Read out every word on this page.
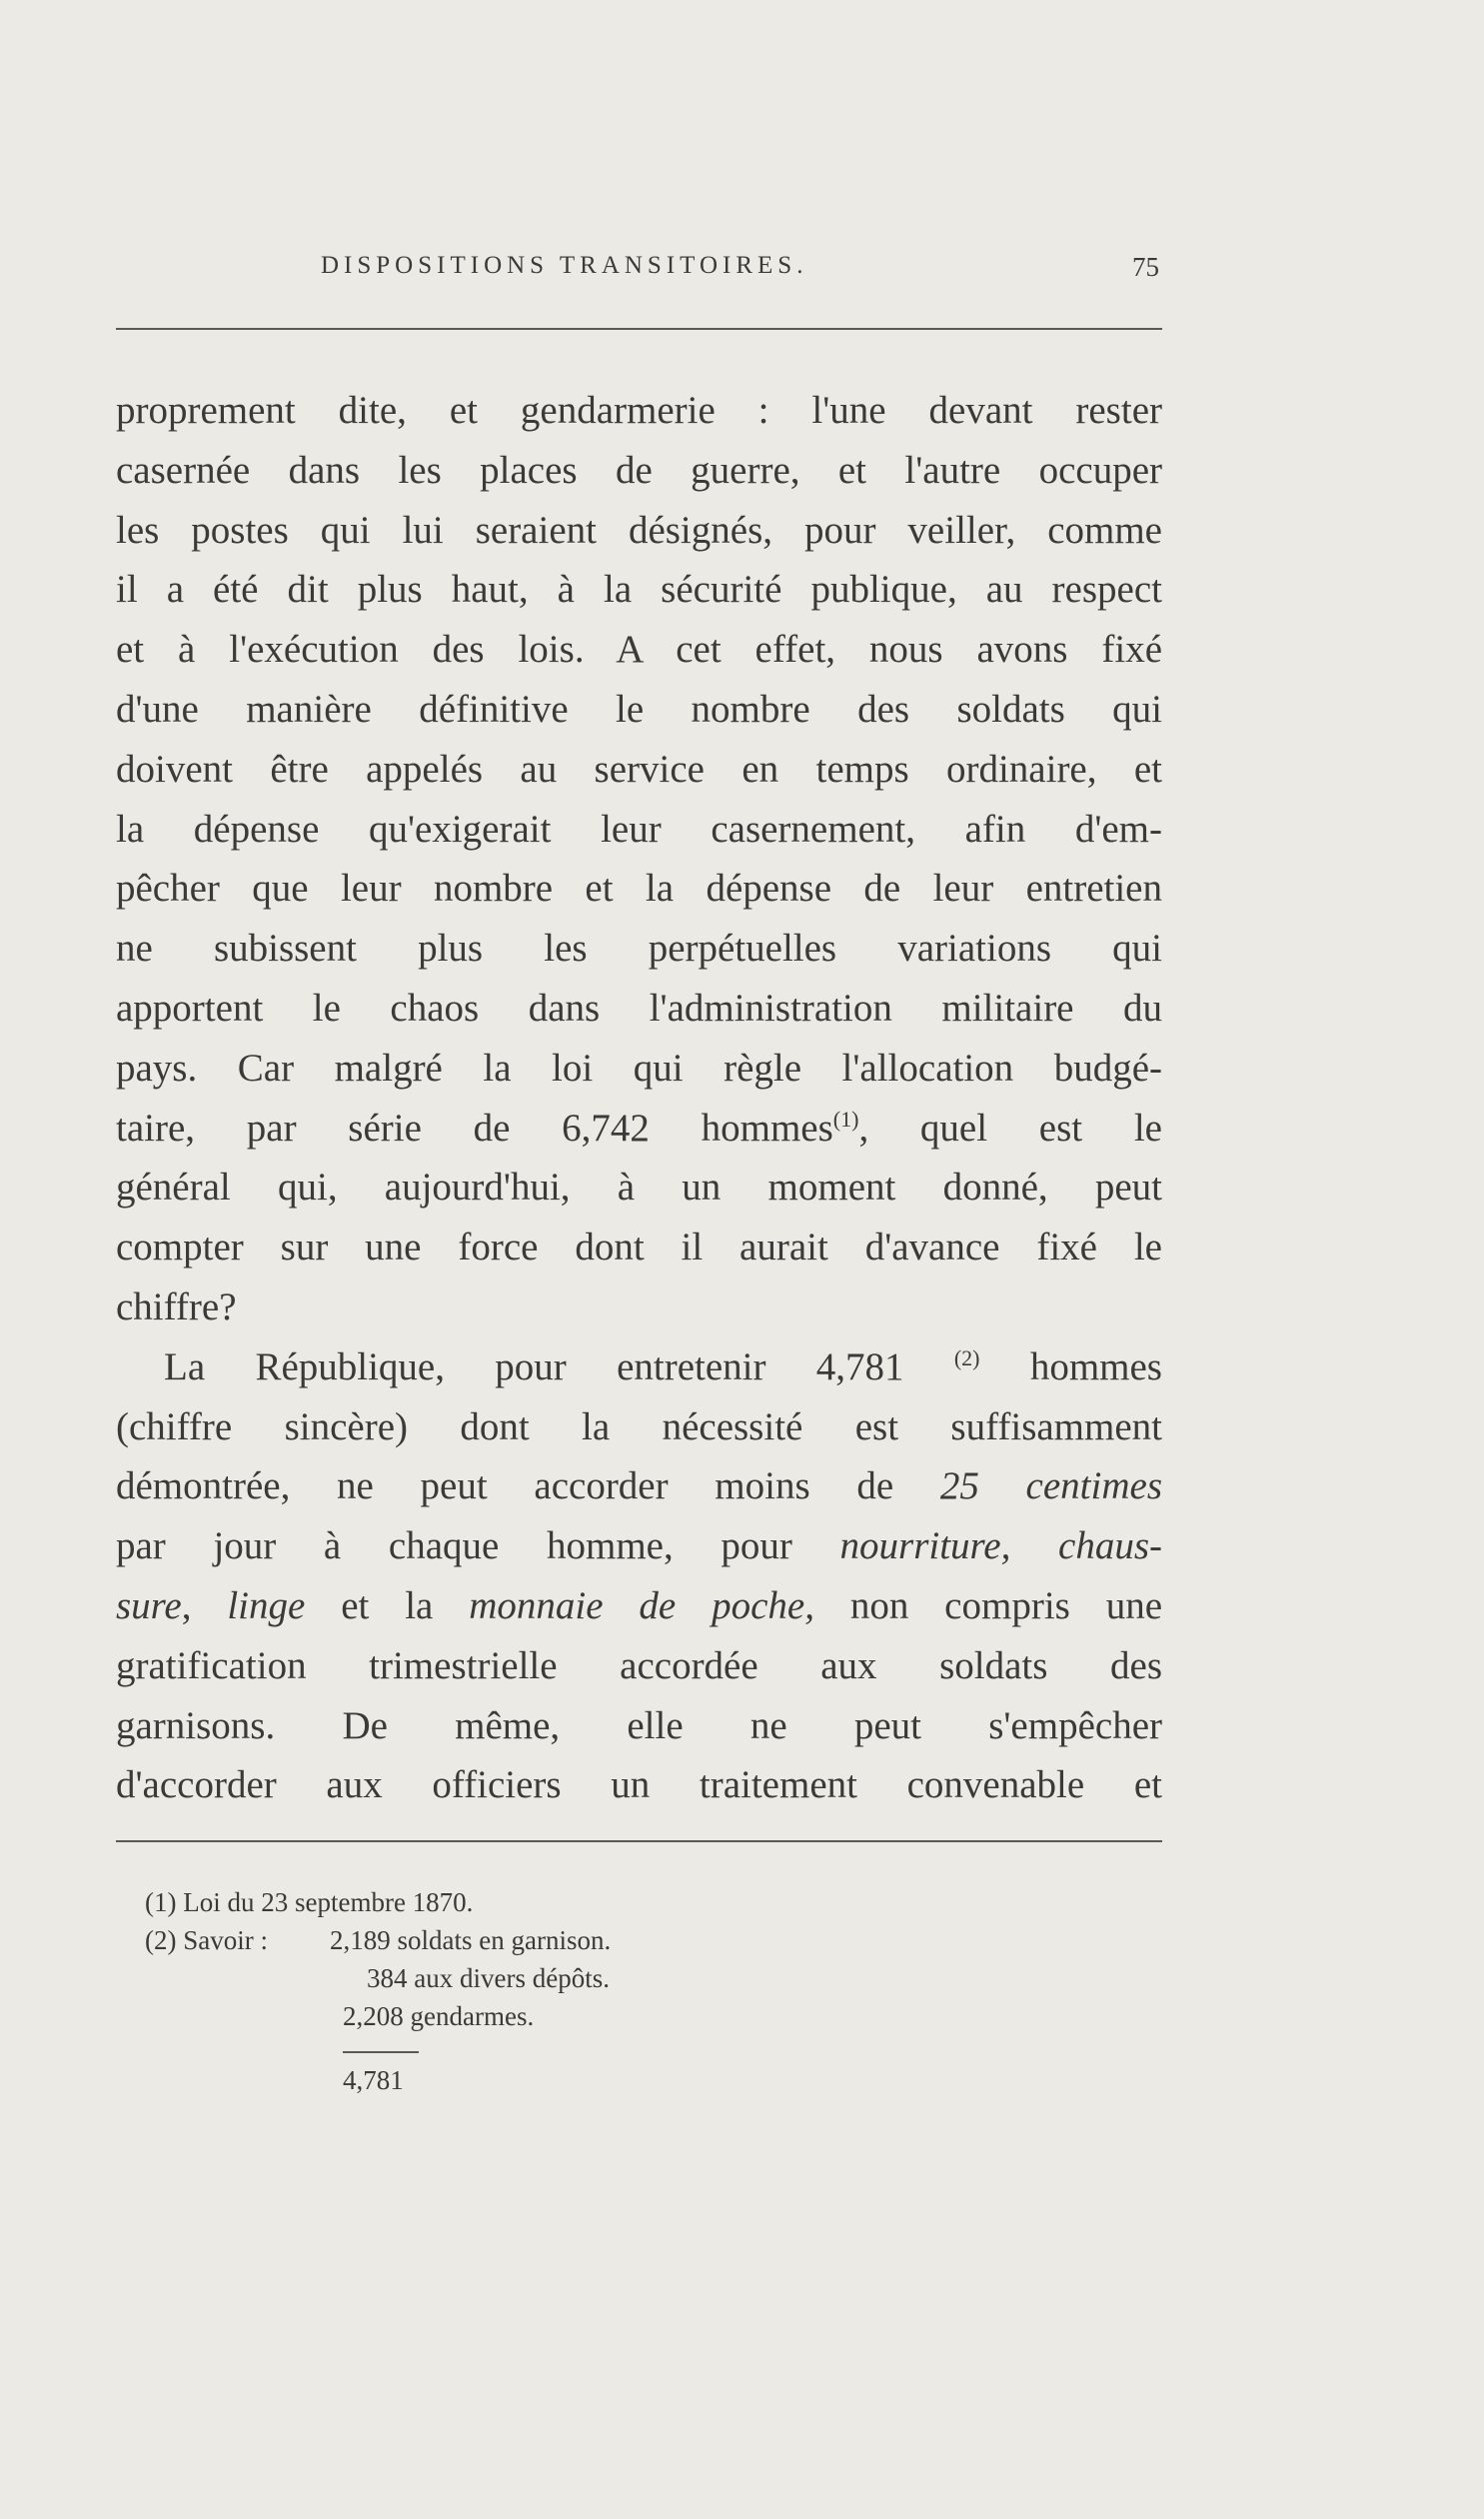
DISPOSITIONS TRANSITOIRES.	75
proprement dite, et gendarmerie : l'une devant rester
casernée dans les places de guerre, et l'autre occuper
les postes qui lui seraient désignés, pour veiller, comme
il a été dit plus haut, à la sécurité publique, au respect
et à l'exécution des lois. A cet effet, nous avons fixé
d'une manière définitive le nombre des soldats qui
doivent être appelés au service en temps ordinaire, et
la dépense qu'exigerait leur casernement, afin d'em-
pêcher que leur nombre et la dépense de leur entretien
ne subissent plus les perpétuelles variations qui
apportent le chaos dans l'administration militaire du
pays. Car malgré la loi qui règle l'allocation budgé-
taire, par série de 6,742 hommes$^{(1)}$, quel est le
général qui, aujourd'hui, à un moment donné, peut
compter sur une force dont il aurait d'avance fixé le
chiffre?
La République, pour entretenir 4,781 $^{(2)}$ hommes
(chiffre sincère) dont la nécessité est suffisamment
démontrée, ne peut accorder moins de 25 centimes
par jour à chaque homme, pour nourriture, chaus-
sure, linge et la monnaie de poche, non compris une
gratification trimestrielle accordée aux soldats des
garnisons. De même, elle ne peut s'empêcher
d'accorder aux officiers un traitement convenable et
(1) Loi du 23 septembre 1870.
(2) Savoir : 2,189 soldats en garnison.
384 aux divers dépôts.
2,208 gendarmes.
4,781
